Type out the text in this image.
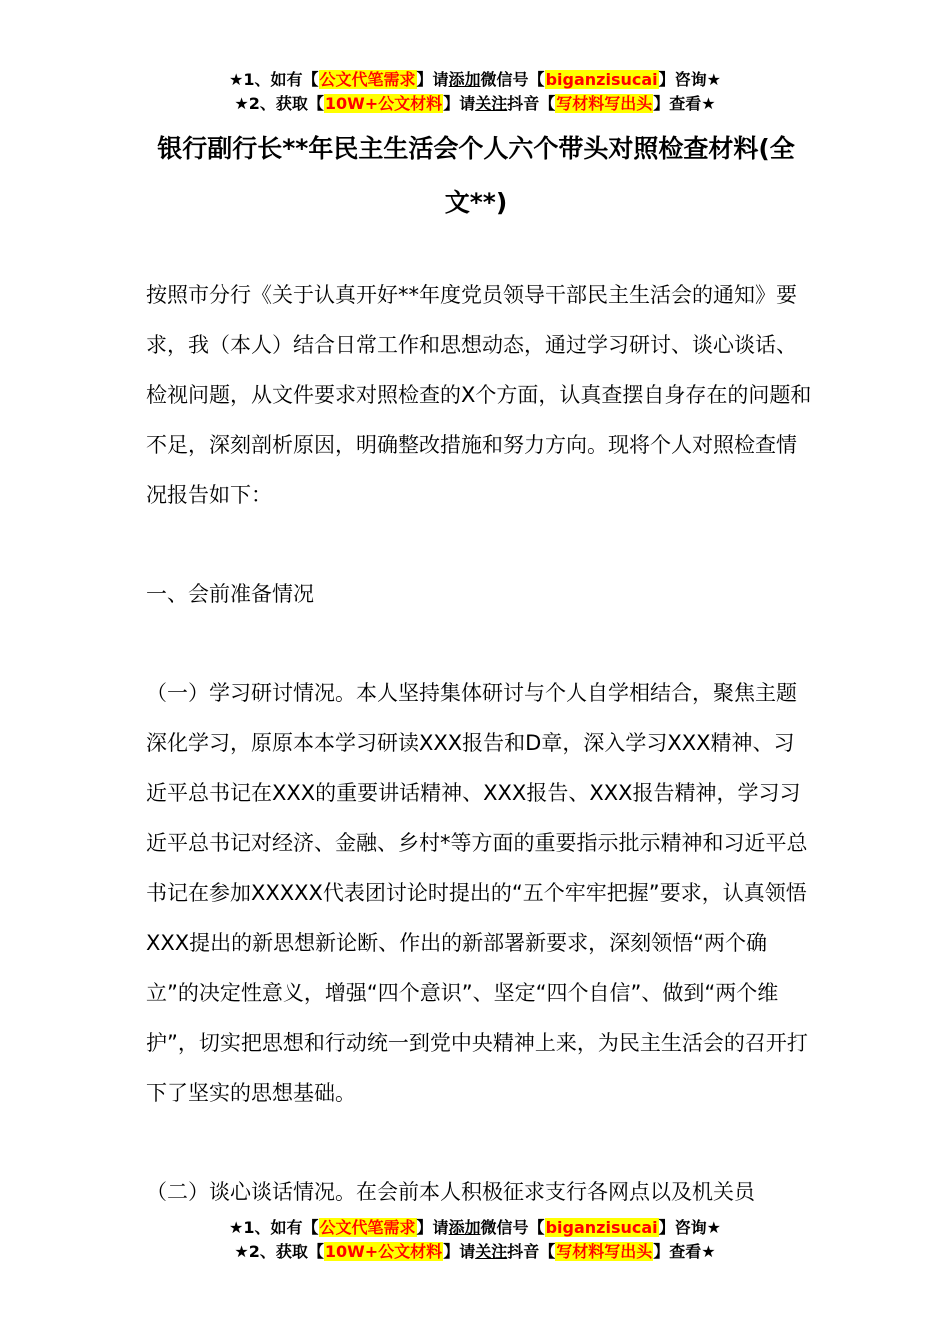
★1、如有【公文代笔需求】请添加微信号【biganzisucai】咨询★
★2、获取【10W+公文材料】请关注抖音【写材料写出头】查看★
银行副行长**年民主生活会个人六个带头对照检查材料(全文**)

按照市分行《关于认真开好**年度党员领导干部民主生活会的通知》要求，我（本人）结合日常工作和思想动态，通过学习研讨、谈心谈话、检视问题，从文件要求对照检查的X个方面，认真查摆自身存在的问题和不足，深刻剖析原因，明确整改措施和努力方向。现将个人对照检查情况报告如下：

一、会前准备情况

（一）学习研讨情况。本人坚持集体研讨与个人自学相结合，聚焦主题深化学习，原原本本学习研读XXX报告和D章，深入学习XXX精神、习近平总书记在XXX的重要讲话精神、XXX报告、XXX报告精神，学习习近平总书记对经济、金融、乡村*等方面的重要指示批示精神和习近平总书记在参加XXXXX代表团讨论时提出的“五个牢牢把握”要求，认真领悟XXX提出的新思想新论断、作出的新部署新要求，深刻领悟“两个确立”的决定性意义，增强“四个意识”、坚定“四个自信”、做到“两个维护”，切实把思想和行动统一到党中央精神上来，为民主生活会的召开打下了坚实的思想基础。

（二）谈心谈话情况。在会前本人积极征求支行各网点以及机关员

★1、如有【公文代笔需求】请添加微信号【biganzisucai】咨询★
★2、获取【10W+公文材料】请关注抖音【写材料写出头】查看★
